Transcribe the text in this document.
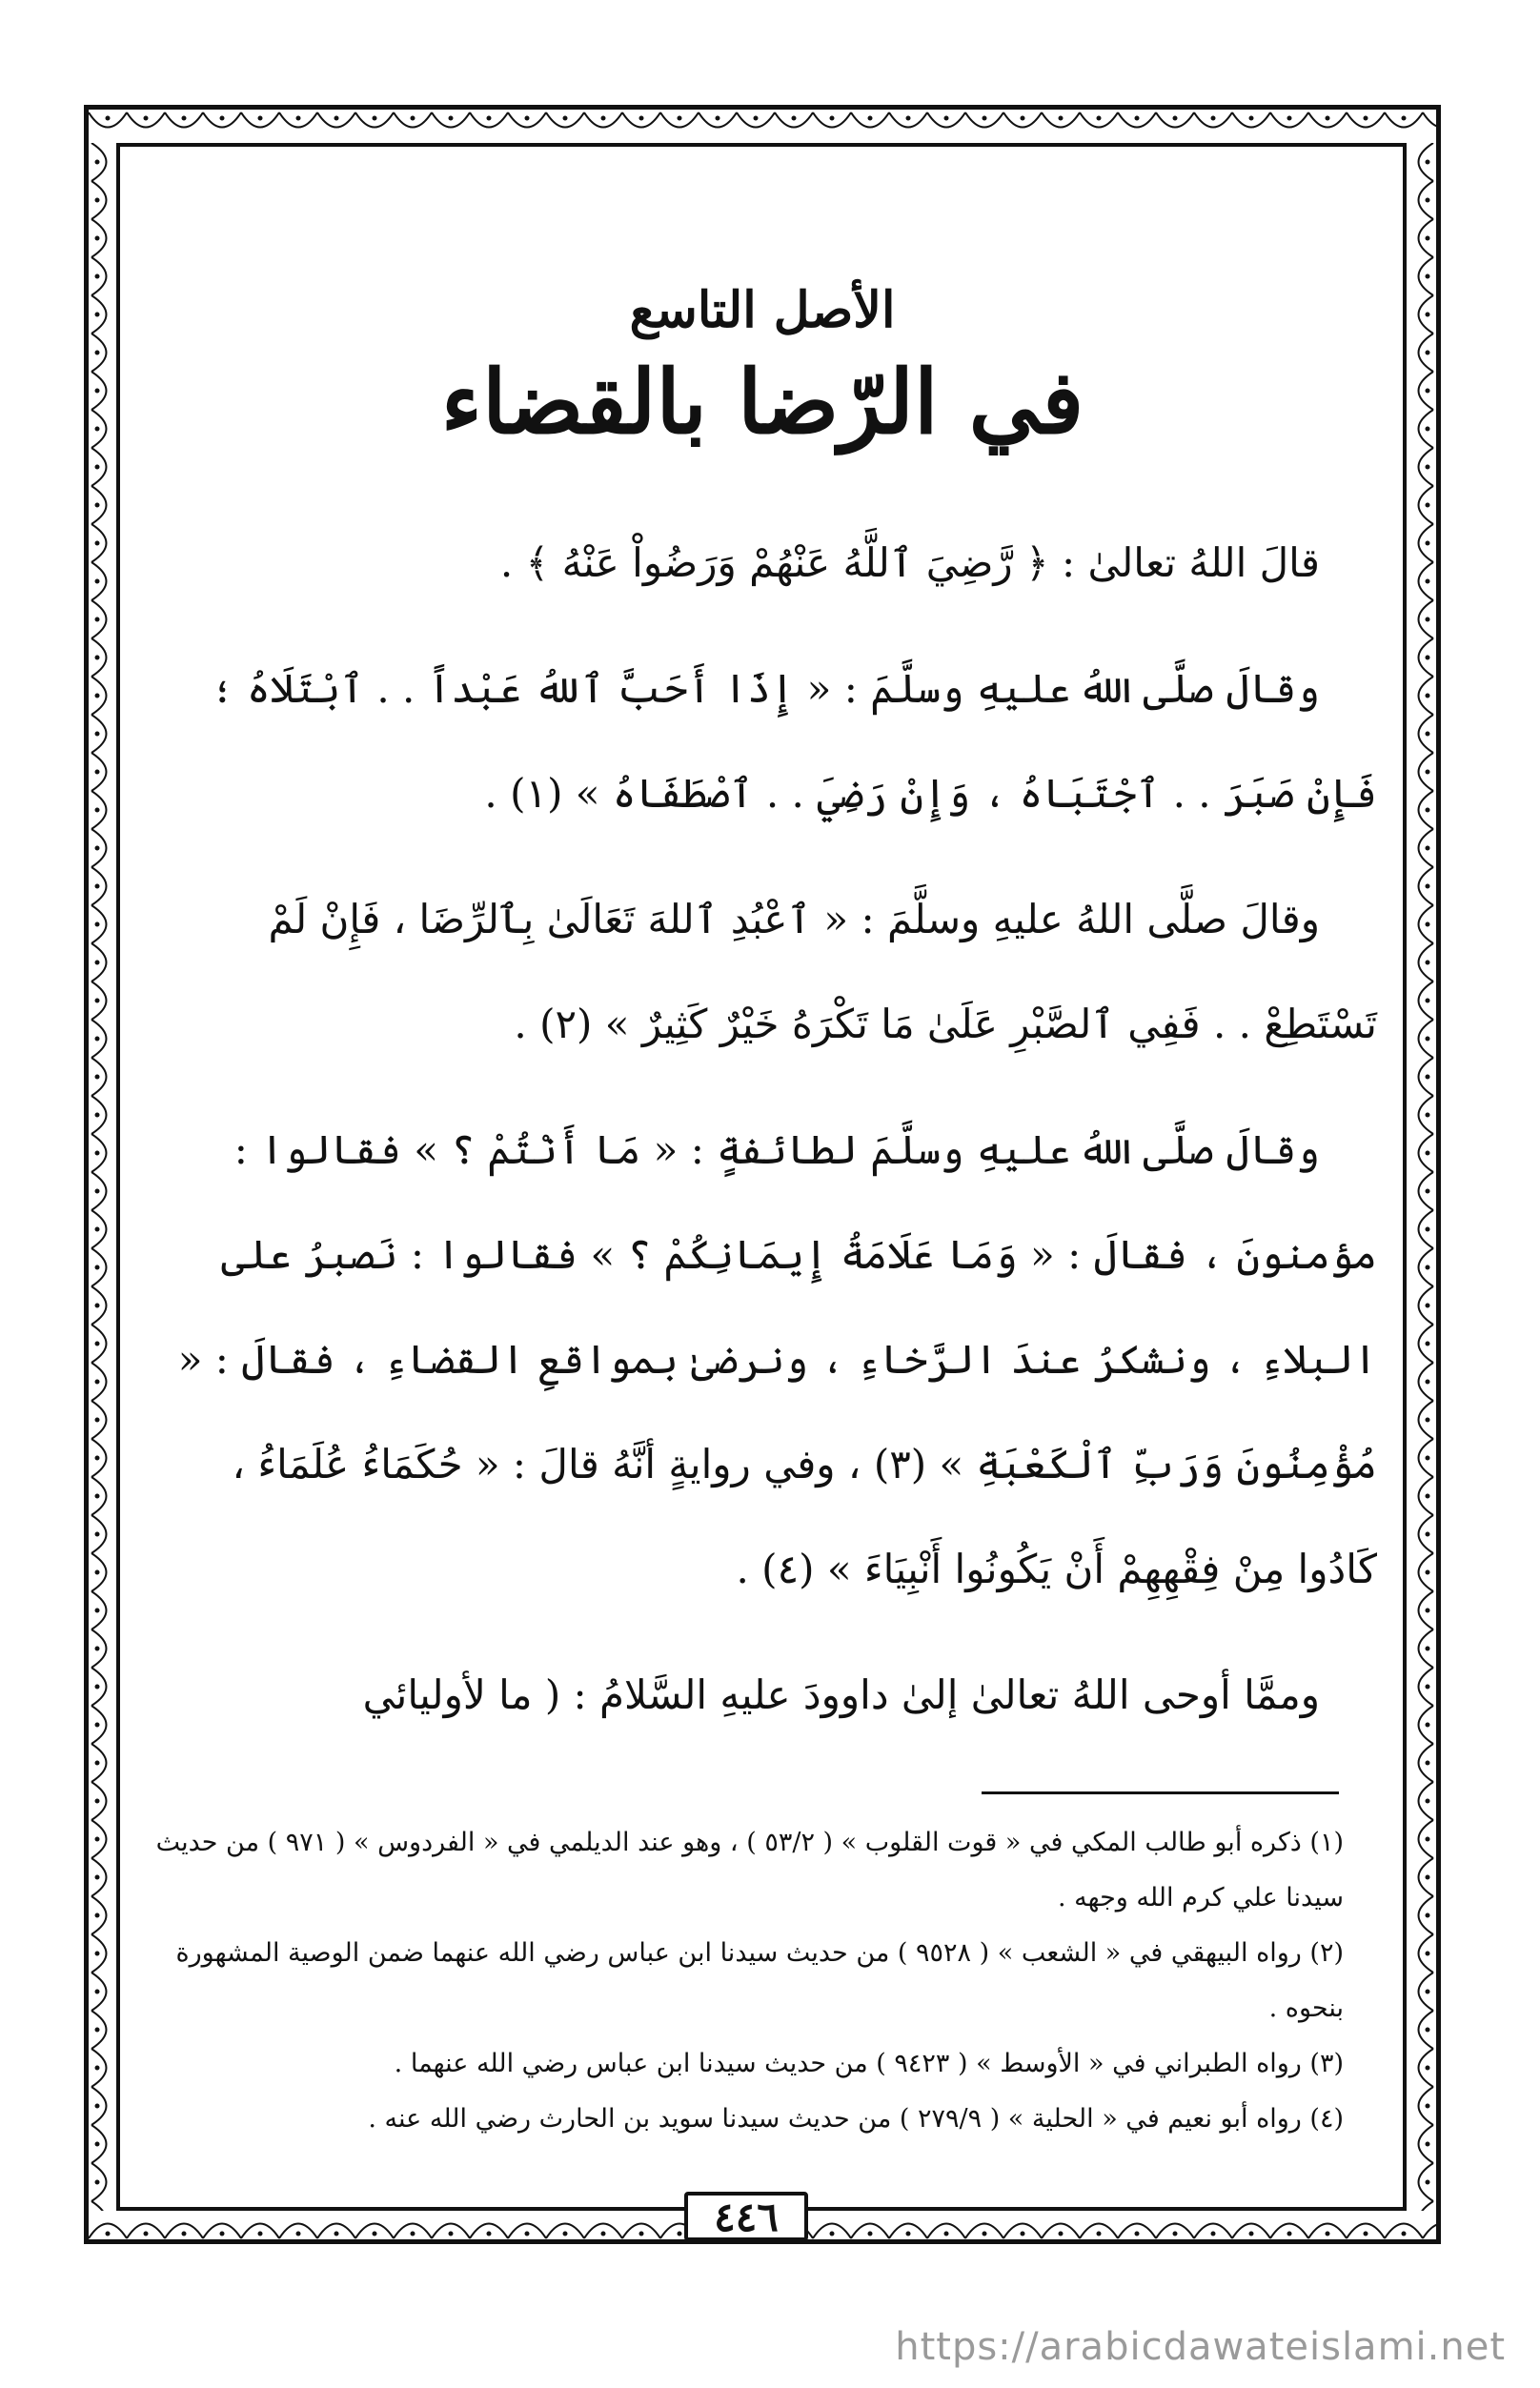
الأصل التاسع
في الرّضا بالقضاء

قالَ اللهُ تعالىٰ : ﴿ رَّضِيَ ٱللَّهُ عَنْهُمْ وَرَضُواْ عَنْهُ ﴾ .

وقالَ صلَّى اللهُ عليهِ وسلَّمَ : « إِذَا أَحَبَّ ٱللهُ عَبْداً . . ٱبْتَلَاهُ ؛ فَإِنْ صَبَرَ . . ٱجْتَبَاهُ ، وَإِنْ رَضِيَ . . ٱصْطَفَاهُ » (١) .

وقالَ صلَّى اللهُ عليهِ وسلَّمَ : « ٱعْبُدِ ٱللهَ تَعَالَىٰ بِٱلرِّضَا ، فَإِنْ لَمْ تَسْتَطِعْ . . فَفِي ٱلصَّبْرِ عَلَىٰ مَا تَكْرَهُ خَيْرٌ كَثِيرٌ » (٢) .

وقالَ صلَّى اللهُ عليهِ وسلَّمَ لطائفةٍ : « مَا أَنْتُمْ ؟ » فقالوا : مؤمنونَ ، فقالَ : « وَمَا عَلَامَةُ إِيمَانِكُمْ ؟ » فقالوا : نَصبرُ على البلاءِ ، ونشكرُ عندَ الرَّخاءِ ، ونرضىٰ بمواقعِ القضاءِ ، فقالَ : « مُؤْمِنُونَ وَرَبِّ ٱلْكَعْبَةِ » (٣) ، وفي روايةٍ أنَّهُ قالَ : « حُكَمَاءُ عُلَمَاءُ ، كَادُوا مِنْ فِقْهِهِمْ أَنْ يَكُونُوا أَنْبِيَاءَ » (٤) .

وممَّا أوحى اللهُ تعالىٰ إلىٰ داوودَ عليهِ السَّلامُ : ( ما لأوليائي

(١) ذكره أبو طالب المكي في « قوت القلوب » ( ٥٣/٢ ) ، وهو عند الديلمي في « الفردوس » ( ٩٧١ ) من حديث سيدنا علي كرم الله وجهه .

(٢) رواه البيهقي في « الشعب » ( ٩٥٢٨ ) من حديث سيدنا ابن عباس رضي الله عنهما ضمن الوصية المشهورة بنحوه .

(٣) رواه الطبراني في « الأوسط » ( ٩٤٢٣ ) من حديث سيدنا ابن عباس رضي الله عنهما .

(٤) رواه أبو نعيم في « الحلية » ( ٢٧٩/٩ ) من حديث سيدنا سويد بن الحارث رضي الله عنه .

٤٤٦
https://arabicdawateislami.net
